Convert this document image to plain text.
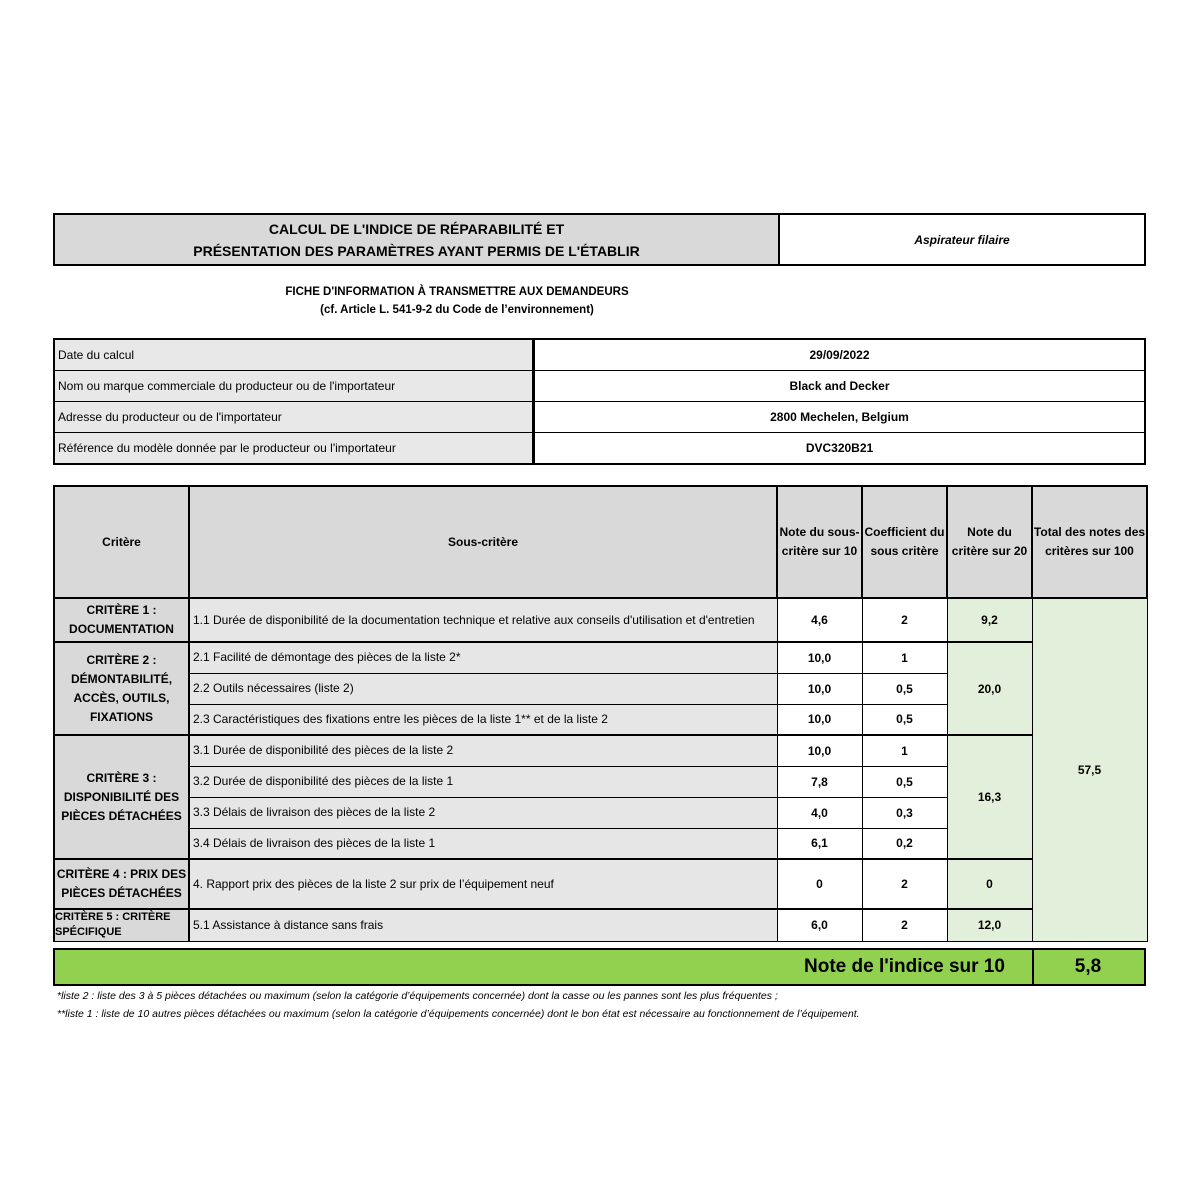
CALCUL DE L'INDICE DE RÉPARABILITÉ ET
PRÉSENTATION DES PARAMÈTRES AYANT PERMIS DE L'ÉTABLIR
Aspirateur filaire
FICHE D'INFORMATION À TRANSMETTRE AUX DEMANDEURS
(cf. Article L. 541-9-2 du Code de l’environnement)
Date du calcul	29/09/2022
Nom ou marque commerciale du producteur ou de l'importateur	Black and Decker
Adresse du producteur ou de l'importateur	2800 Mechelen, Belgium
Référence du modèle donnée par le producteur ou l'importateur	DVC320B21
Critère	Sous-critère	Note du sous-critère sur 10	Coefficient du sous critère	Note du critère sur 20	Total des notes des critères sur 100
CRITÈRE 1 : DOCUMENTATION	1.1 Durée de disponibilité de la documentation technique et relative aux conseils d'utilisation et d'entretien	4,6	2	9,2	57,5
CRITÈRE 2 : DÉMONTABILITÉ, ACCÈS, OUTILS, FIXATIONS	2.1 Facilité de démontage des pièces de la liste 2*	10,0	1	20,0	
	2.2 Outils nécessaires (liste 2)	10,0	0,5		
	2.3 Caractéristiques des fixations entre les pièces de la liste 1** et de la liste 2	10,0	0,5		
CRITÈRE 3 : DISPONIBILITÉ DES PIÈCES DÉTACHÉES	3.1 Durée de disponibilité des pièces de la liste 2	10,0	1	16,3	
	3.2 Durée de disponibilité des pièces de la liste 1	7,8	0,5		
	3.3 Délais de livraison des pièces de la liste 2	4,0	0,3		
	3.4 Délais de livraison des pièces de la liste 1	6,1	0,2		
CRITÈRE 4 : PRIX DES PIÈCES DÉTACHÉES	4. Rapport prix des pièces de la liste 2 sur prix de l’équipement neuf	0	2	0	
CRITÈRE 5 : CRITÈRE SPÉCIFIQUE	5.1 Assistance à distance sans frais	6,0	2	12,0	
Note de l'indice sur 10	5,8
*liste 2 : liste des 3 à 5 pièces détachées ou maximum (selon la catégorie d’équipements concernée) dont la casse ou les pannes sont les plus fréquentes ;
**liste 1 : liste de 10 autres pièces détachées ou maximum (selon la catégorie d’équipements concernée) dont le bon état est nécessaire au fonctionnement de l’équipement.
